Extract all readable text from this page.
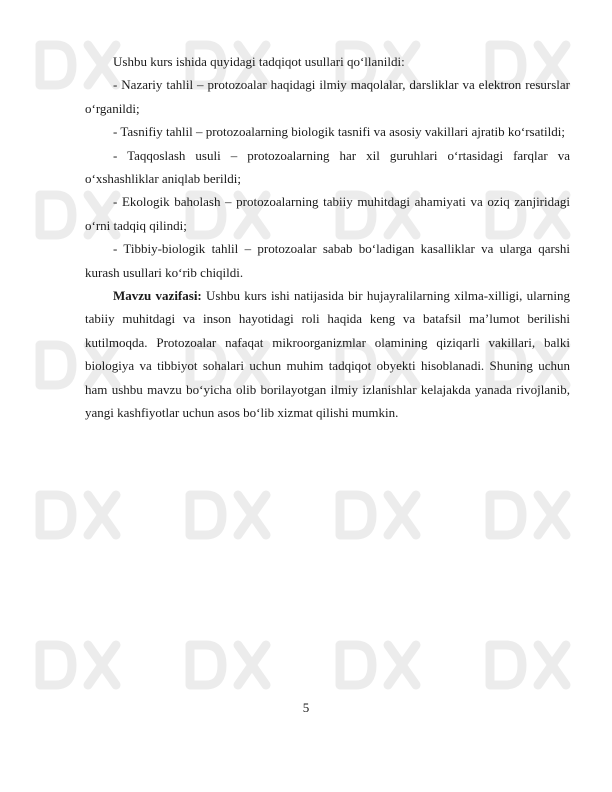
Ushbu kurs ishida quyidagi tadqiqot usullari qo‘llanildi:

- Nazariy tahlil – protozoalar haqidagi ilmiy maqolalar, darsliklar va elektron resurslar o‘rganildi;

- Tasnifiy tahlil – protozoalarning biologik tasnifi va asosiy vakillari ajratib ko‘rsatildi;

- Taqqoslash usuli – protozoalarning har xil guruhlari o‘rtasidagi farqlar va o‘xshashliklar aniqlab berildi;

- Ekologik baholash – protozoalarning tabiiy muhitdagi ahamiyati va oziq zanjiridagi o‘rni tadqiq qilindi;

- Tibbiy-biologik tahlil – protozoalar sabab bo‘ladigan kasalliklar va ularga qarshi kurash usullari ko‘rib chiqildi.

Mavzu vazifasi: Ushbu kurs ishi natijasida bir hujayralilarning xilma-xilligi, ularning tabiiy muhitdagi va inson hayotidagi roli haqida keng va batafsil ma’lumot berilishi kutilmoqda. Protozoalar nafaqat mikroorganizmlar olamining qiziqarli vakillari, balki biologiya va tibbiyot sohalari uchun muhim tadqiqot obyekti hisoblanadi. Shuning uchun ham ushbu mavzu bo‘yicha olib borilayotgan ilmiy izlanishlar kelajakda yanada rivojlanib, yangi kashfiyotlar uchun asos bo‘lib xizmat qilishi mumkin.

5
